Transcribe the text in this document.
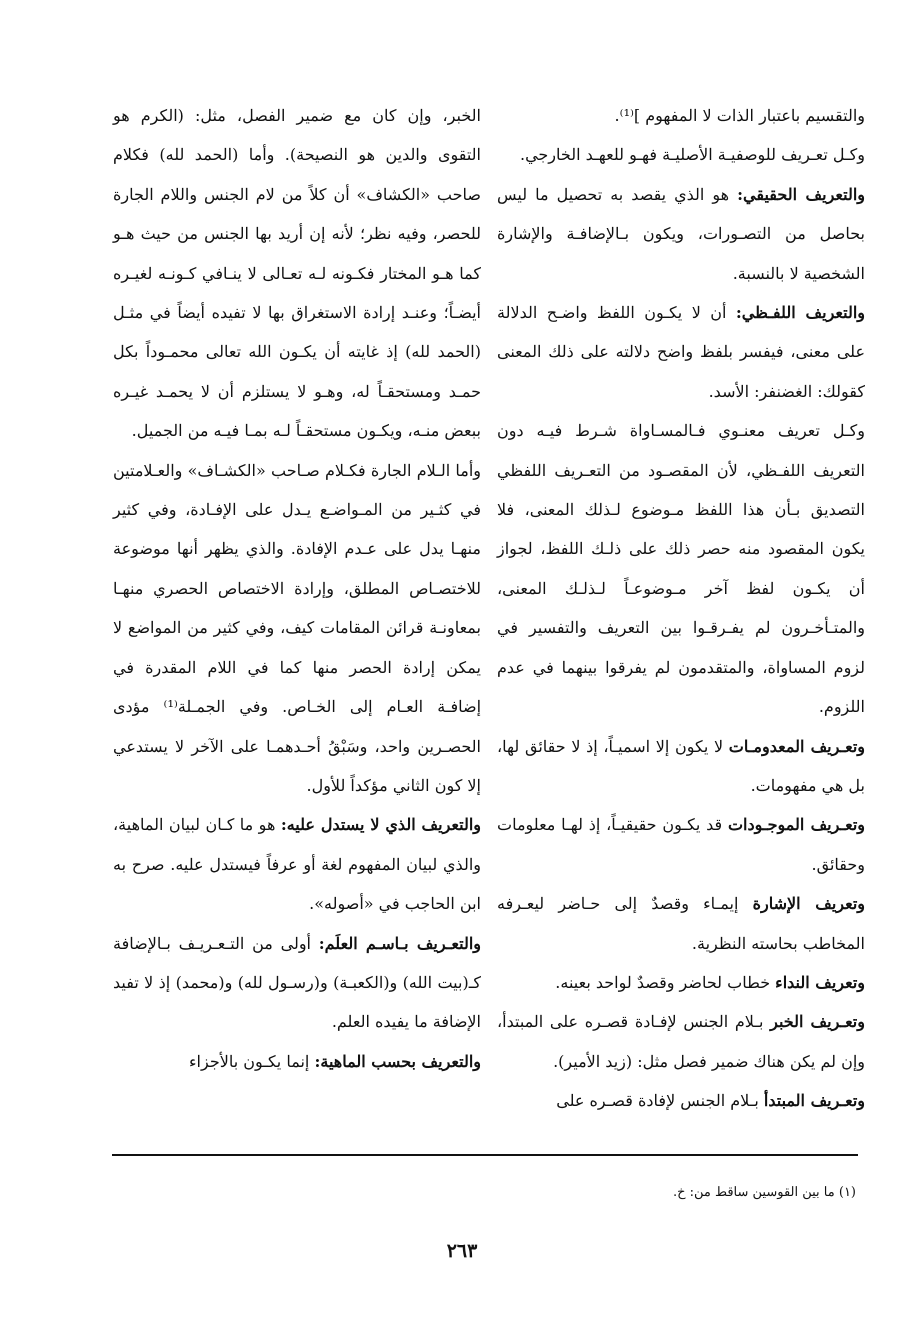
والتقسيم باعتبار الذات لا المفهوم ]⁽¹⁾.

وكـل تعـريف للوصفيـة الأصليـة فهـو للعهـد الخارجي.

والتعريف الحقيقي: هو الذي يقصد به تحصيل ما ليس بحاصل من التصـورات، ويكون بـالإضافـة والإشارة الشخصية لا بالنسبة.

والتعريف اللفـظي: أن لا يكـون اللفظ واضـح الدلالة على معنى، فيفسر بلفظ واضح دلالته على ذلك المعنى كقولك: الغضنفر: الأسد.

وكـل تعريف معنـوي فـالمسـاواة شـرط فيـه دون التعريف اللفـظي، لأن المقصـود من التعـريف اللفظي التصديق بـأن هذا اللفظ مـوضوع لـذلك المعنى، فلا يكون المقصود منه حصر ذلك على ذلـك اللفظ، لجواز أن يكـون لفظ آخر مـوضوعـاً لـذلـك المعنى، والمتـأخـرون لم يفـرقـوا بين التعريف والتفسير في لزوم المساواة، والمتقدمون لم يفرقوا بينهما في عدم اللزوم.

وتعـريف المعدومـات لا يكون إلا اسميـاً، إذ لا حقائق لها، بل هي مفهومات.

وتعـريف الموجـودات قد يكـون حقيقيـاً، إذ لهـا معلومات وحقائق.

وتعريف الإشارة إيمـاء وقصدٌ إلى حـاضر ليعـرفه المخاطب بحاسته النظرية.

وتعريف النداء خطاب لحاضر وقصدٌ لواحد بعينه.

وتعـريف الخبر بـلام الجنس لإفـادة قصـره على المبتدأ، وإن لم يكن هناك ضمير فصل مثل: (زيد الأمير).

وتعـريف المبتدأ بـلام الجنس لإفادة قصـره على

الخبر، وإن كان مع ضمير الفصل، مثل: (الكرم هو التقوى والدين هو النصيحة). وأما (الحمد لله) فكلام صاحب «الكشاف» أن كلاً من لام الجنس واللام الجارة للحصر، وفيه نظر؛ لأنه إن أريد بها الجنس من حيث هـو كما هـو المختار فكـونه لـه تعـالى لا ينـافي كـونـه لغيـره أيضـاً؛ وعنـد إرادة الاستغراق بها لا تفيده أيضاً في مثـل (الحمد لله) إذ غايته أن يكـون الله تعالى محمـوداً بكل حمـد ومستحقـاً له، وهـو لا يستلزم أن لا يحمـد غيـره ببعض منـه، ويكـون مستحقـاً لـه بمـا فيـه من الجميل.

وأما الـلام الجارة فكـلام صـاحب «الكشـاف» والعـلامتين في كثـير من المـواضـع يـدل على الإفـادة، وفي كثير منهـا يدل على عـدم الإفادة. والذي يظهر أنها موضوعة للاختصـاص المطلق، وإرادة الاختصاص الحصري منهـا بمعاونـة قرائن المقامات كيف، وفي كثير من المواضع لا يمكن إرادة الحصر منها كما في اللام المقدرة في إضافـة العـام إلى الخـاص. وفي الجمـلة⁽¹⁾ مؤدى الحصـرين واحد، وسَبْقُ أحـدهمـا على الآخر لا يستدعي إلا كون الثاني مؤكداً للأول.

والتعريف الذي لا يستدل عليه: هو ما كـان لبيان الماهية، والذي لبيان المفهوم لغة أو عرفاً فيستدل عليه. صرح به ابن الحاجب في «أصوله».

والتعـريف بـاسـم العلَم: أولى من التـعـريـف بـالإضافة كـ(بيت الله) و(الكعبـة) و(رسـول لله) و(محمد) إذ لا تفيد الإضافة ما يفيده العلم.

والتعريف بحسب الماهية: إنما يكـون بالأجزاء

(١) ما بين القوسين ساقط من: خ.
٢٦٣
